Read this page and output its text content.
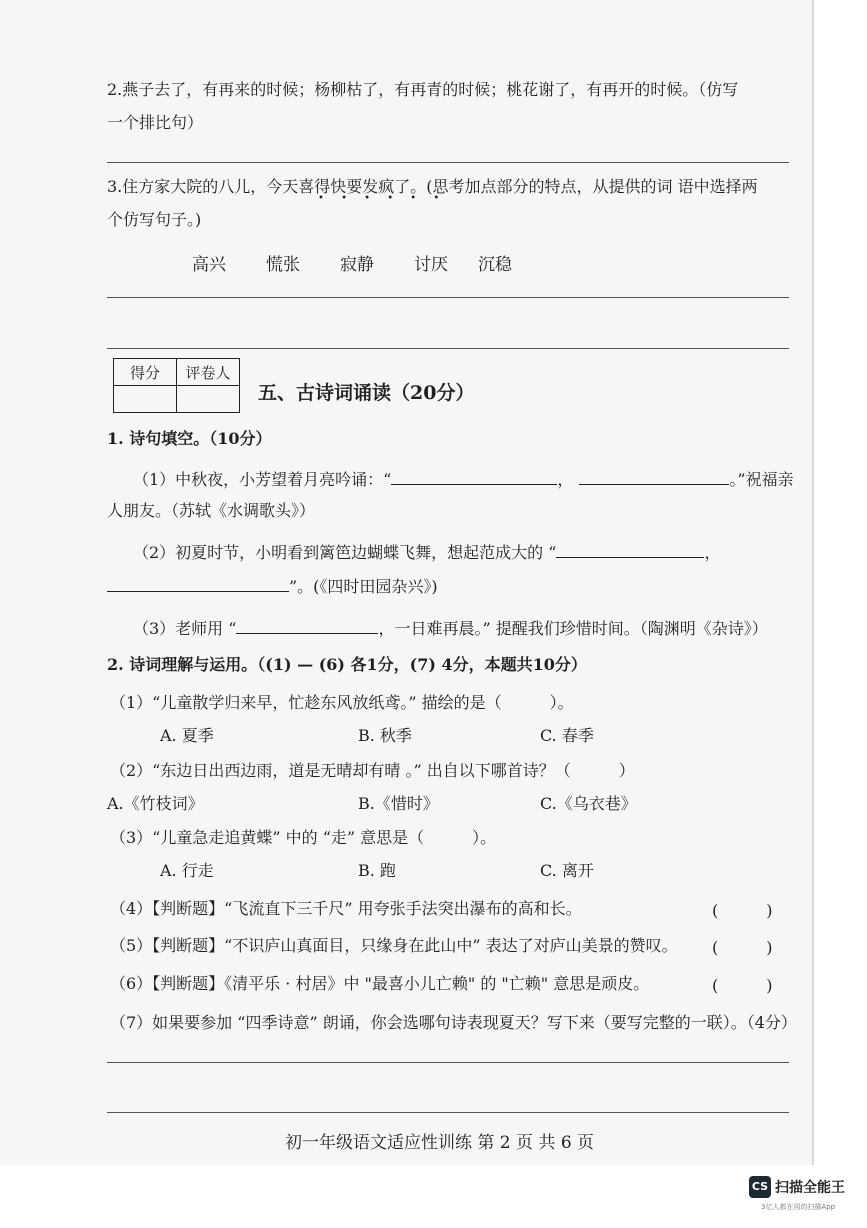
2.燕子去了，有再来的时候；杨柳枯了，有再青的时候；桃花谢了，有再开的时候。（仿写
一个排比句）
3.住方家大院的八儿，今天喜得快要发疯了。(思考加点部分的特点，从提供的词 语中选择两
• • • • • •
个仿写句子。)
高兴 慌张 寂静 讨厌 沉稳
得分	评卷人

五、古诗词诵读（20分）
1. 诗句填空。（10分）
（1）中秋夜，小芳望着月亮吟诵：“	，	。”祝福亲
人朋友。（苏轼《水调歌头》）
（2）初夏时节，小明看到篱笆边蝴蝶飞舞，想起范成大的 “	，
”。(《四时田园杂兴》)
（3）老师用 “	，一日难再晨。” 提醒我们珍惜时间。（陶渊明《杂诗》）
2. 诗词理解与运用。（(1) — (6) 各1分，(7) 4分，本题共10分）
（1）“儿童散学归来早，忙趁东风放纸鸢。” 描绘的是（　　　）。
A. 夏季	B. 秋季	C. 春季
（2）“东边日出西边雨，道是无晴却有晴 。” 出自以下哪首诗？（　　　）
A.《竹枝词》	B.《惜时》	C.《乌衣巷》
（3）“儿童急走追黄蝶” 中的 “走” 意思是（　　　）。
A. 行走	B. 跑	C. 离开
（4）【判断题】“飞流直下三千尺” 用夸张手法突出瀑布的高和长。	(　　　)
（5）【判断题】“不识庐山真面目，只缘身在此山中” 表达了对庐山美景的赞叹。 (　　　)
（6）【判断题】《清平乐 · 村居》中 "最喜小儿亡赖" 的 "亡赖" 意思是顽皮。	(　　　)
（7）如果要参加 “四季诗意” 朗诵，你会选哪句诗表现夏天？写下来（要写完整的一联）。（4分）
初一年级语文适应性训练 第 2 页 共 6 页
CS 扫描全能王
3亿人都在用的扫描App
